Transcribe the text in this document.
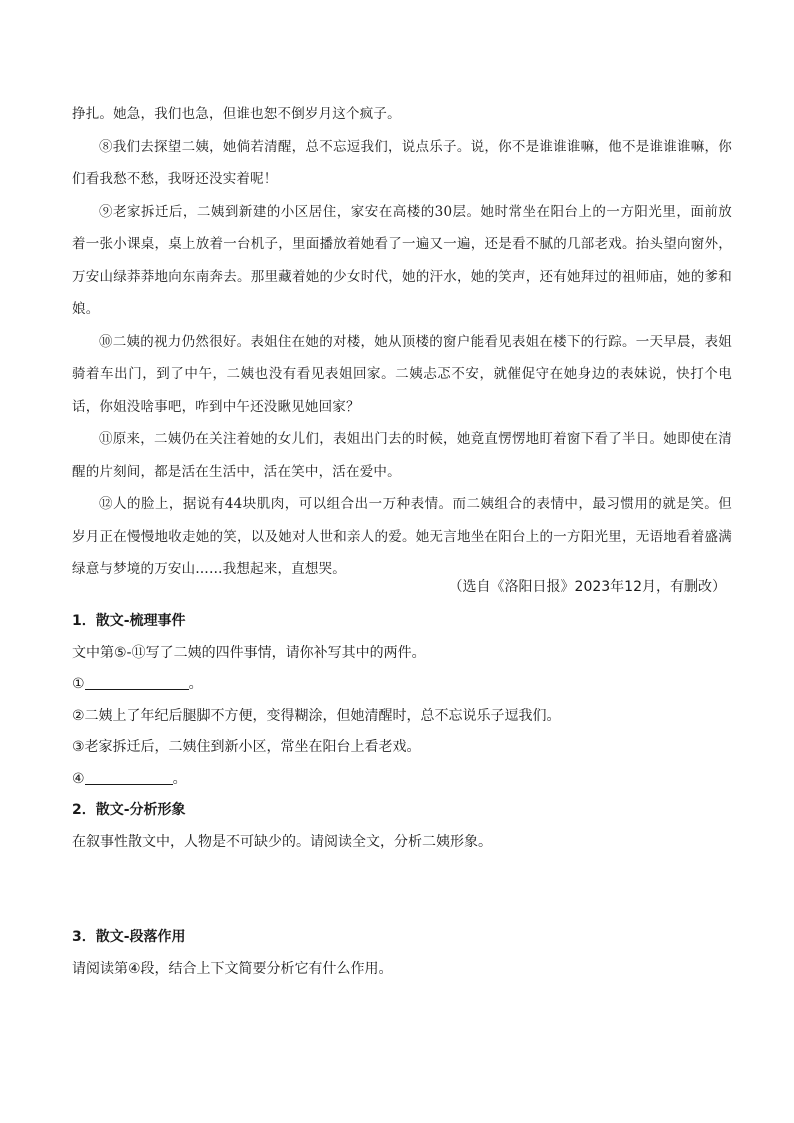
挣扎。她急，我们也急，但谁也恕不倒岁月这个疯子。

⑧我们去探望二姨，她倘若清醒，总不忘逗我们，说点乐子。说，你不是谁谁谁嘛，他不是谁谁谁嘛，你们看我愁不愁，我呀还没实着呢！

⑨老家拆迁后，二姨到新建的小区居住，家安在高楼的30层。她时常坐在阳台上的一方阳光里，面前放着一张小课桌，桌上放着一台机子，里面播放着她看了一遍又一遍，还是看不腻的几部老戏。抬头望向窗外，万安山绿莽莽地向东南奔去。那里藏着她的少女时代，她的汗水，她的笑声，还有她拜过的祖师庙，她的爹和娘。

⑩二姨的视力仍然很好。表姐住在她的对楼，她从顶楼的窗户能看见表姐在楼下的行踪。一天早晨，表姐骑着车出门，到了中午，二姨也没有看见表姐回家。二姨忐忑不安，就催促守在她身边的表妹说，快打个电话，你姐没啥事吧，咋到中午还没瞅见她回家？

⑪原来，二姨仍在关注着她的女儿们，表姐出门去的时候，她竟直愣愣地盯着窗下看了半日。她即使在清醒的片刻间，都是活在生活中，活在笑中，活在爱中。

⑫人的脸上，据说有44块肌肉，可以组合出一万种表情。而二姨组合的表情中，最习惯用的就是笑。但岁月正在慢慢地收走她的笑，以及她对人世和亲人的爱。她无言地坐在阳台上的一方阳光里，无语地看着盛满绿意与梦境的万安山……我想起来，直想哭。

（选自《洛阳日报》2023年12月，有删改）

1．散文-梳理事件

文中第⑤-⑪写了二姨的四件事情，请你补写其中的两件。

①	。

②二姨上了年纪后腿脚不方便，变得糊涂，但她清醒时，总不忘说乐子逗我们。

③老家拆迁后，二姨住到新小区，常坐在阳台上看老戏。

④	。

2．散文-分析形象

在叙事性散文中，人物是不可缺少的。请阅读全文，分析二姨形象。

3．散文-段落作用

请阅读第④段，结合上下文简要分析它有什么作用。
